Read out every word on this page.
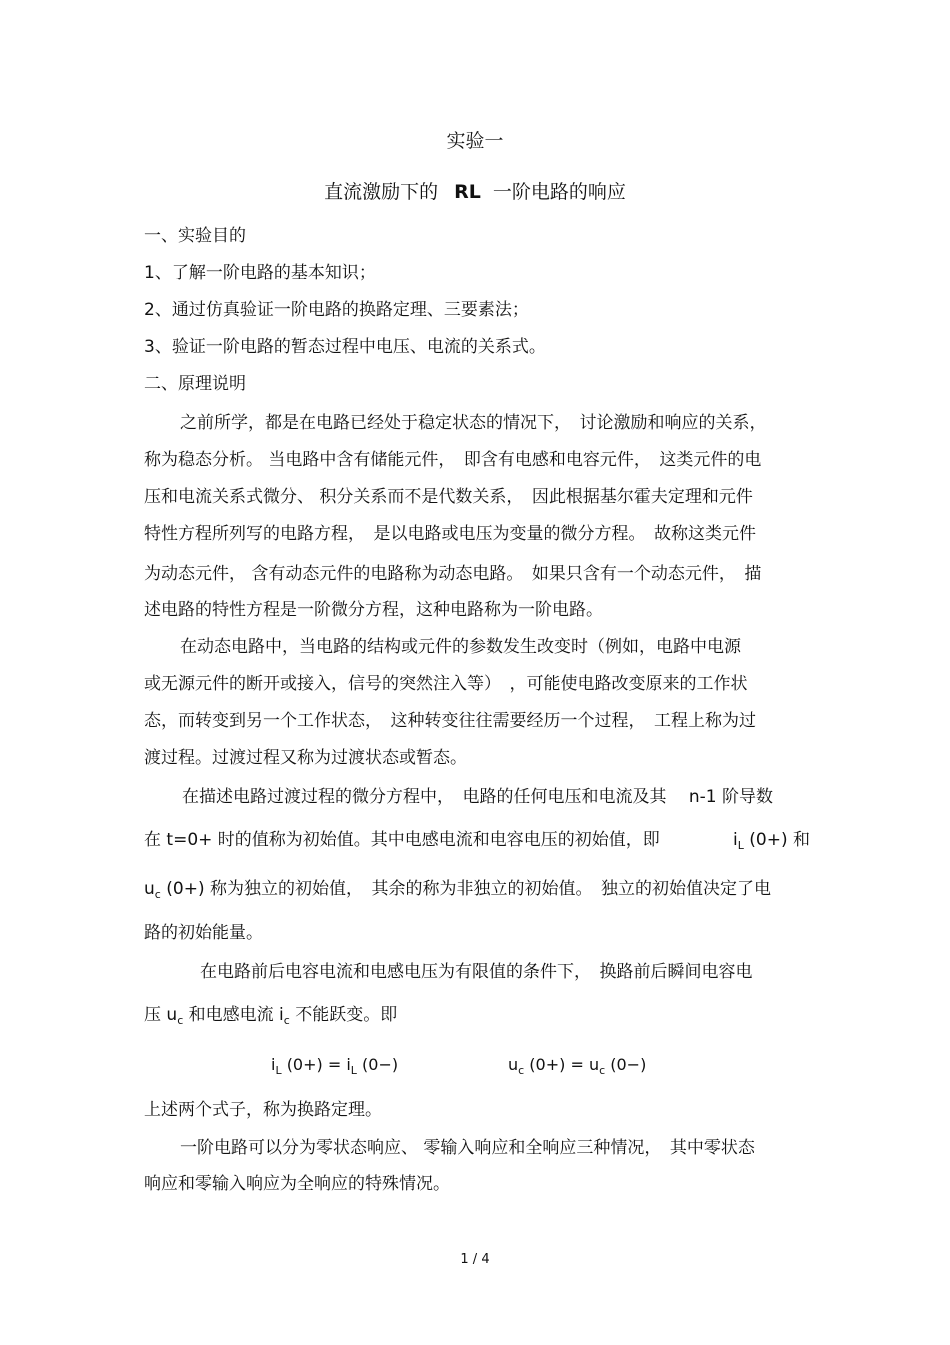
实验一
直流激励下的 RL 一阶电路的响应
一、实验目的
1、了解一阶电路的基本知识；
2、通过仿真验证一阶电路的换路定理、三要素法；
3、验证一阶电路的暂态过程中电压、电流的关系式。
二、原理说明
之前所学，都是在电路已经处于稳定状态的情况下，　讨论激励和响应的关系，
称为稳态分析。 当电路中含有储能元件，　即含有电感和电容元件，　这类元件的电
压和电流关系式微分、 积分关系而不是代数关系，　因此根据基尔霍夫定理和元件
特性方程所列写的电路方程，　是以电路或电压为变量的微分方程。　故称这类元件
为动态元件， 含有动态元件的电路称为动态电路。　如果只含有一个动态元件，　描
述电路的特性方程是一阶微分方程，这种电路称为一阶电路。
在动态电路中，当电路的结构或元件的参数发生改变时（例如，电路中电源
或无源元件的断开或接入，信号的突然注入等）　，可能使电路改变原来的工作状
态，而转变到另一个工作状态，　这种转变往往需要经历一个过程，　工程上称为过
渡过程。过渡过程又称为过渡状态或暂态。
在描述电路过渡过程的微分方程中，　电路的任何电压和电流及其　 n-1 阶导数
在 t=0+ 时的值称为初始值。其中电感电流和电容电压的初始值，即	$i_L$ (0+) 和
$u_c$ (0+) 称为独立的初始值，　其余的称为非独立的初始值。　独立的初始值决定了电
路的初始能量。
在电路前后电容电流和电感电压为有限值的条件下，　换路前后瞬间电容电
压 $u_c$ 和电感电流 $i_c$ 不能跃变。即
$i_L$ $(0+) = i_L$ (0−)	$u_c$ $(0+) = u_c$ (0−)
上述两个式子，称为换路定理。
一阶电路可以分为零状态响应、 零输入响应和全响应三种情况，　其中零状态
响应和零输入响应为全响应的特殊情况。
1 / 4
